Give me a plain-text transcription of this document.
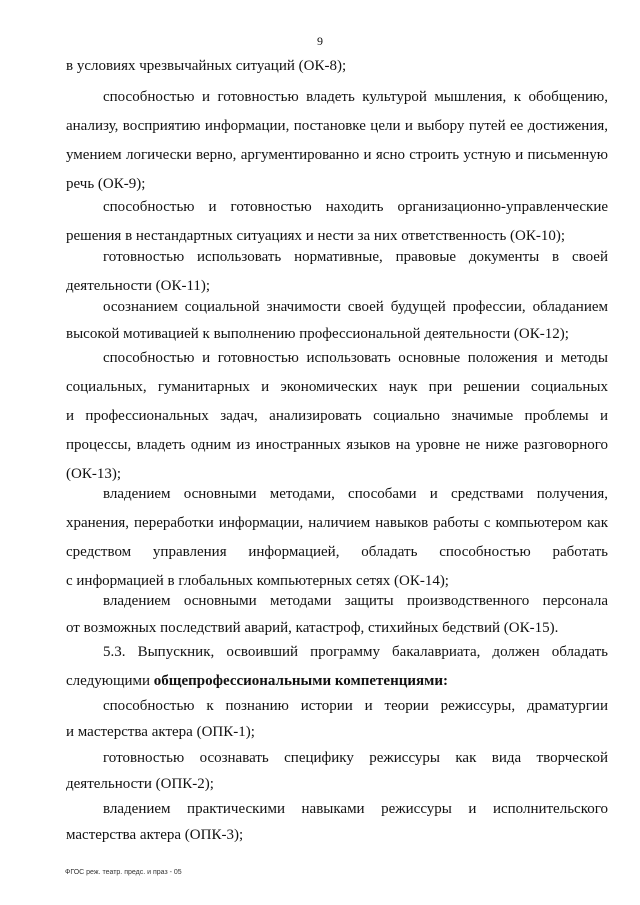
9
в условиях чрезвычайных ситуаций (ОК-8);
способностью и готовностью владеть культурой мышления, к обобщению,
анализу, восприятию информации, постановке цели и выбору путей ее достижения,
умением логически верно, аргументированно и ясно строить устную и письменную
речь (ОК-9);
способностью и готовностью находить организационно-управленческие
решения в нестандартных ситуациях и нести за них ответственность (ОК-10);
готовностью использовать нормативные, правовые документы в своей
деятельности (ОК-11);
осознанием социальной значимости своей будущей профессии, обладанием
высокой мотивацией к выполнению профессиональной деятельности (ОК-12);
способностью и готовностью использовать основные положения и методы
социальных, гуманитарных и экономических наук при решении социальных
и профессиональных задач, анализировать социально значимые проблемы и
процессы, владеть одним из иностранных языков на уровне не ниже разговорного
(ОК-13);
владением основными методами, способами и средствами получения,
хранения, переработки информации, наличием навыков работы с компьютером как
средством управления информацией, обладать способностью работать
с информацией в глобальных компьютерных сетях (ОК-14);
владением основными методами защиты производственного персонала
от возможных последствий аварий, катастроф, стихийных бедствий (ОК-15).
5.3. Выпускник, освоивший программу бакалавриата, должен обладать
следующими общепрофессиональными компетенциями:
способностью к познанию истории и теории режиссуры, драматургии
и мастерства актера (ОПК-1);
готовностью осознавать специфику режиссуры как вида творческой
деятельности (ОПК-2);
владением практическими навыками режиссуры и исполнительского
мастерства актера (ОПК-3);
ФГОС реж. театр. предс. и праз - 05
